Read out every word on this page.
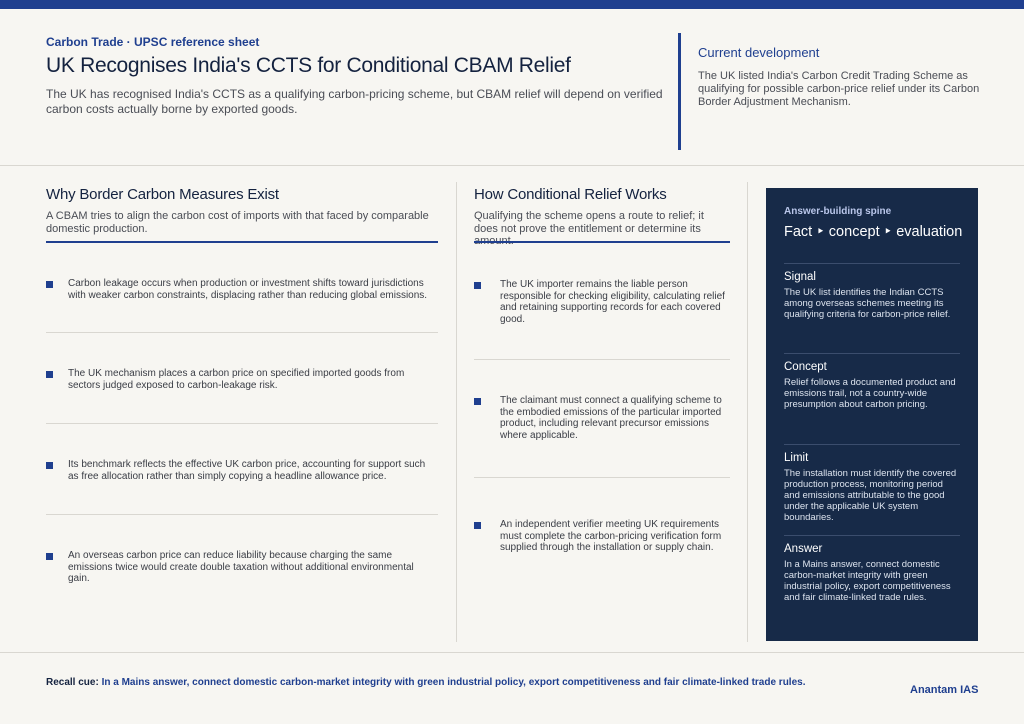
Carbon Trade · UPSC reference sheet
UK Recognises India's CCTS for Conditional CBAM Relief
The UK has recognised India's CCTS as a qualifying carbon-pricing scheme, but CBAM relief will depend on verified carbon costs actually borne by exported goods.
Current development
The UK listed India's Carbon Credit Trading Scheme as qualifying for possible carbon-price relief under its Carbon Border Adjustment Mechanism.
Why Border Carbon Measures Exist
A CBAM tries to align the carbon cost of imports with that faced by comparable domestic production.
Carbon leakage occurs when production or investment shifts toward jurisdictions with weaker carbon constraints, displacing rather than reducing global emissions.
The UK mechanism places a carbon price on specified imported goods from sectors judged exposed to carbon-leakage risk.
Its benchmark reflects the effective UK carbon price, accounting for support such as free allocation rather than simply copying a headline allowance price.
An overseas carbon price can reduce liability because charging the same emissions twice would create double taxation without additional environmental gain.
How Conditional Relief Works
Qualifying the scheme opens a route to relief; it does not prove the entitlement or determine its
The UK importer remains the liable person responsible for checking eligibility, calculating relief and retaining supporting records for each covered good.
The claimant must connect a qualifying scheme to the embodied emissions of the particular imported product, including relevant precursor emissions where applicable.
An independent verifier meeting UK requirements must complete the carbon-pricing verification form supplied through the installation or supply chain.
Answer-building spine
Fact ‣ concept ‣ evaluation
Signal
The UK list identifies the Indian CCTS among overseas schemes meeting its qualifying criteria for carbon-price relief.
Concept
Relief follows a documented product and emissions trail, not a country-wide presumption about carbon pricing.
Limit
The installation must identify the covered production process, monitoring period and emissions attributable to the good under the applicable UK system boundaries.
Answer
In a Mains answer, connect domestic carbon-market integrity with green industrial policy, export competitiveness and fair climate-linked trade rules.
Recall cue: In a Mains answer, connect domestic carbon-market integrity with green industrial policy, export competitiveness and fair climate-linked trade rules.
Anantam IAS
